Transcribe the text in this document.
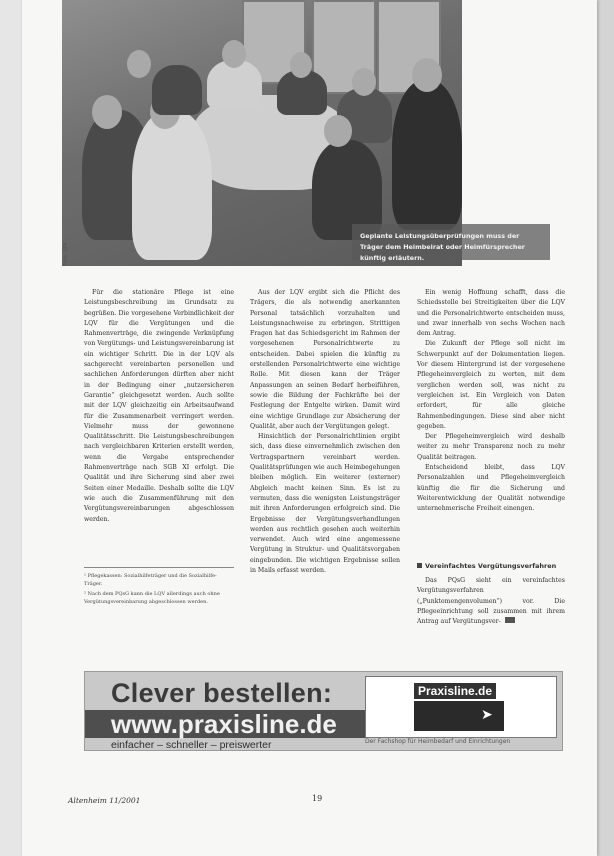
Foto: SBK
Geplante Leistungsüberprüfungen muss der Träger dem Heimbeirat oder Heimfürsprecher künftig erläutern.

Für die stationäre Pflege ist eine Leistungsbeschreibung im Grundsatz zu begrüßen. Die vorgesehene Verbindlichkeit der LQV für die Vergütungen und die Rahmenverträge, die zwingende Verknüpfung von Vergütungs- und Leistungsvereinbarung ist ein wichtiger Schritt. Die in der LQV als sachgerecht vereinbarten personellen und sachlichen Anforderungen dürften aber nicht in der Bedingung einer „nutzersicheren Garantie“ gleichgesetzt werden. Auch sollte mit der LQV gleichzeitig ein Arbeitsaufwand für die Zusammenarbeit verringert werden. Vielmehr muss der gewonnene Qualitätsschritt. Die Leistungsbeschreibungen nach vergleichbaren Kriterien erstellt werden, wenn die Vergabe entsprechender Rahmenverträge nach SGB XI erfolgt. Die Qualität und ihre Sicherung sind aber zwei Seiten einer Medaille. Deshalb sollte die LQV wie auch die Zusammenführung mit den Vergütungsvereinbarungen abgeschlossen werden.

¹ Pflegekassen: Sozialhilfeträger und die Sozialhilfe-Träger.
² Nach dem PQsG kann die LQV allerdings auch ohne Vergütungsvereinbarung abgeschlossen werden.

Aus der LQV ergibt sich die Pflicht des Trägers, die als notwendig anerkannten Personal tatsächlich vorzuhalten und Leistungsnachweise zu erbringen. Strittigen Fragen hat das Schiedsgericht im Rahmen der vorgesehenen Personalrichtwerte zu entscheiden. Dabei spielen die künftig zu erstellenden Personalrichtwerte eine wichtige Rolle. Mit diesen kann der Träger Anpassungen an seinen Bedarf herbeiführen, sowie die Bildung der Fachkräfte bei der Festlegung der Entgelte wirken. Damit wird eine wichtige Grundlage zur Absicherung der Qualität, aber auch der Vergütungen gelegt.

Hinsichtlich der Personalrichtlinien ergibt sich, dass diese einvernehmlich zwischen den Vertragspartnern vereinbart werden. Qualitätsprüfungen wie auch Heimbegehungen bleiben möglich. Ein weiterer (externer) Abgleich macht keinen Sinn. Es ist zu vermuten, dass die wenigsten Leistungsträger mit ihren Anforderungen erfolgreich sind. Die Ergebnisse der Vergütungsverhandlungen werden aus rechtlich gesehen auch weiterhin verwendet. Auch wird eine angemessene Vergütung in Struktur- und Qualitätsvorgaben eingebunden. Die wichtigen Ergebnisse sollen in Mails erfasst werden.

Ein wenig Hoffnung schafft, dass die Schiedsstelle bei Streitigkeiten über die LQV und die Personalrichtwerte entscheiden muss, und zwar innerhalb von sechs Wochen nach dem Antrag.

Die Zukunft der Pflege soll nicht im Schwerpunkt auf der Dokumentation liegen. Vor diesem Hintergrund ist der vorgesehene Pflegeheimvergleich zu werten, mit dem verglichen werden soll, was nicht zu vergleichen ist. Ein Vergleich von Daten erfordert, für alle gleiche Rahmenbedingungen. Diese sind aber nicht gegeben.

Der Pflegeheimvergleich wird deshalb weiter zu mehr Transparenz noch zu mehr Qualität beitragen.

Entscheidend bleibt, dass LQV Personalzahlen und Pflegeheimvergleich künftig die für die Sicherung und Weiterentwicklung der Qualität notwendige unternehmerische Freiheit einengen.

Vereinfachtes Vergütungsverfahren

Das PQsG sieht ein vereinfachtes Vergütungsverfahren („Punktemengenvolumen“) vor. Die Pflegeeinrichtung soll zusammen mit ihrem Antrag auf Vergütungsver-

Clever bestellen:
www.praxisline.de
einfacher – schneller – preiswerter
Praxisline.de
➤
Der Fachshop für Heimbedarf und Einrichtungen
Altenheim 11/2001	19
